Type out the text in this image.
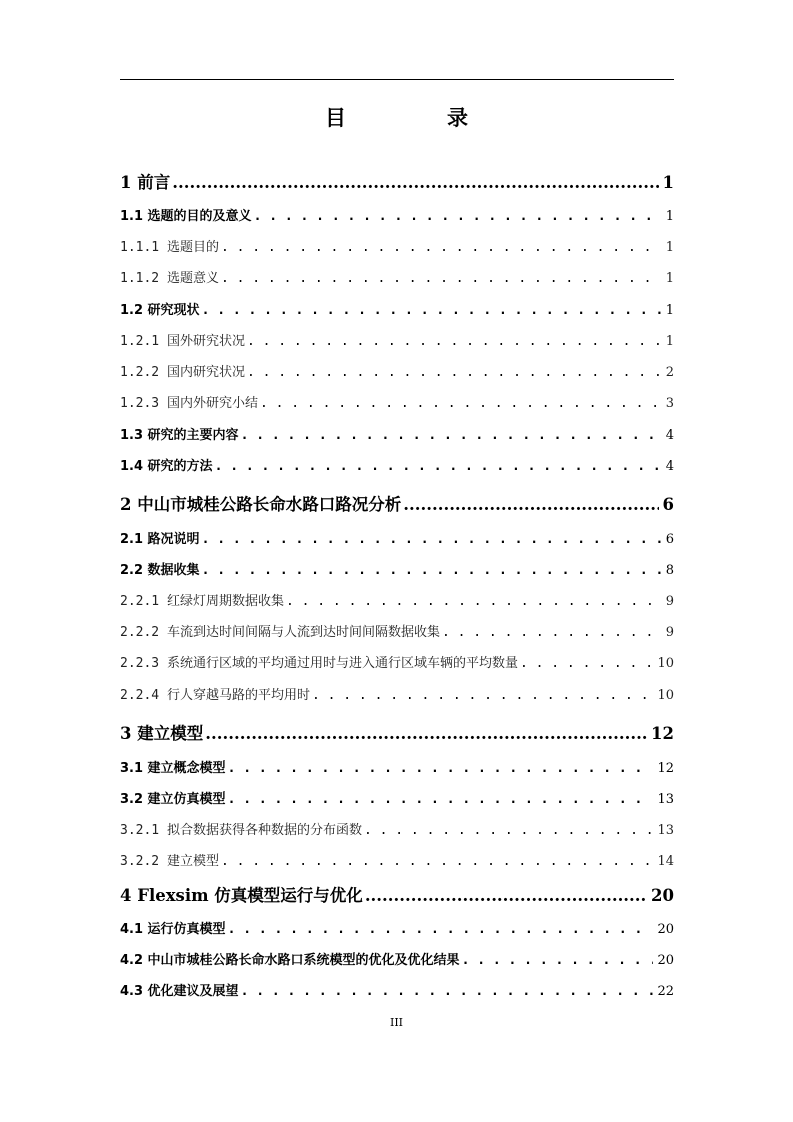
目　录
1 前言 .....	1
1.1 选题的目的及意义 . . .	1
1.1.1 选题目的 . . .	1
1.1.2 选题意义 . . .	1
1.2 研究现状 . . .	1
1.2.1 国外研究状况 . . .	1
1.2.2 国内研究状况 . . .	2
1.2.3 国内外研究小结 . . .	3
1.3 研究的主要内容 . . .	4
1.4 研究的方法 . . .	4
2 中山市城桂公路长命水路口路况分析 .....	6
2.1 路况说明 . . .	6
2.2 数据收集 . . .	8
2.2.1 红绿灯周期数据收集 . . .	9
2.2.2 车流到达时间间隔与人流到达时间间隔数据收集 . . .	9
2.2.3 系统通行区域的平均通过用时与进入通行区域车辆的平均数量 . . .	10
2.2.4 行人穿越马路的平均用时 . . .	10
3 建立模型 .....	12
3.1 建立概念模型 . . .	12
3.2 建立仿真模型 . . .	13
3.2.1 拟合数据获得各种数据的分布函数 . . .	13
3.2.2 建立模型 . . .	14
4 Flexsim 仿真模型运行与优化 .....	20
4.1 运行仿真模型 . . .	20
4.2 中山市城桂公路长命水路口系统模型的优化及优化结果 . . .	20
4.3 优化建议及展望 . . .	22
III
